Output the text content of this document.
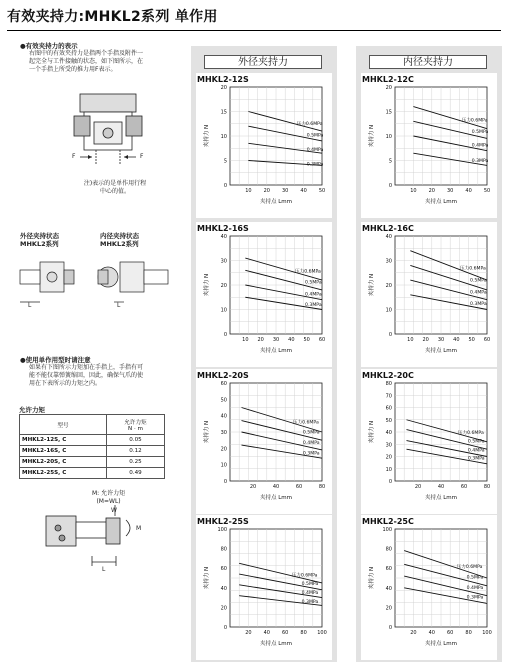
有效夹持力:MHKL2系列 单作用
●有效夹持力的表示
右图中的有效夹持力是指两个手指及附件一
起完全与工件接触的状态，如下图所示，在
一个手指上所受的推力用F表示。
F	F
注)表示的是单作用行程
中心的值。
外径夹持状态
MHKL2系列
内径夹持状态
MHKL2系列
L	L
●使用单作用型时请注意
如果有下图所示力矩加在手指上，手指有可
能不能仅靠弹簧缩回，因此，确保气爪的使
用在下表所示的力矩之内。
允许力矩
型号	允许力矩
N · m

MHKL2-12S, C	0.05
MHKL2-16S, C	0.12
MHKL2-20S, C	0.25
MHKL2-25S, C	0.49
M: 允许力矩
(M=WL)
W
M
L
外径夹持力	内径夹持力
MHKL2-12S
10 20 30 40 50
0
5
10
15
20
夹持点 Lmm
夹持力 N
压力0.6MPa
0.5MPa
0.4MPa
0.3MPa
MHKL2-12C
10 20 30 40 50
0
5
10
15
20
夹持点 Lmm
夹持力 N
压力0.6MPa
0.5MPa
0.4MPa
0.3MPa
MHKL2-16S
10 20 30 40 50 60
0
10
20
30
40
夹持点 Lmm
夹持力 N
压力0.6MPa
0.5MPa
0.4MPa
0.3MPa
MHKL2-16C
10 20 30 40 50 60
0
10
20
30
40
夹持点 Lmm
夹持力 N
压力0.6MPa
0.5MPa
0.4MPa
0.3MPa
MHKL2-20S
20	40	60	80
0
10
20
30
40
50
60
夹持点 Lmm
夹持力 N	压力0.6MPa
0.5MPa
0.4MPa
0.3MPa
MHKL2-20C
20	40	60	80
0
10
20
30
40
50
60
70
80
夹持点 Lmm
夹持力 N	压力0.6MPa
0.5MPa
0.4MPa
0.3MPa
MHKL2-25S
20 40 60 80 100
0
20
40
60
80
100
夹持点 Lmm
夹持力 N	压力0.6MPa
0.5MPa
0.4MPa
0.3MPa
MHKL2-25C
20 40 60 80 100
0
20
40
60
80
100
夹持点 Lmm
夹持力 N	压力0.6MPa
0.5MPa
0.4MPa
0.3MPa
